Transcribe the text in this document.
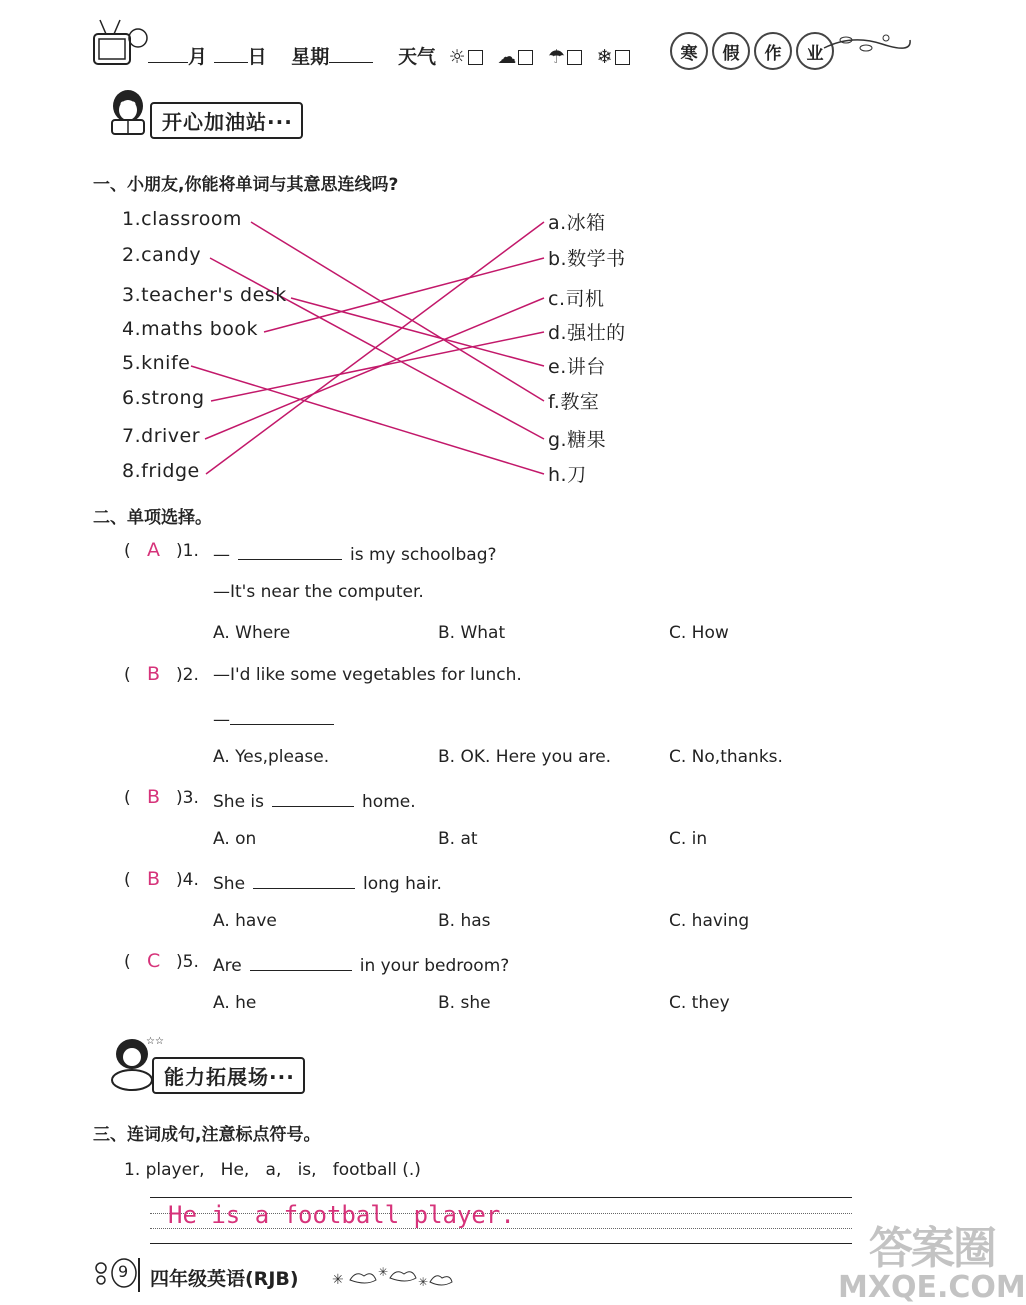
月 日 星期	天气 ☼ ☁ ☂ ❄	寒	假	作	业
开心加油站···
一、小朋友,你能将单词与其意思连线吗?
1.classroom
2.candy
3.teacher's desk
4.maths book
5.knife
6.strong
7.driver
8.fridge
a.冰箱
b.数学书
c.司机
d.强壮的
e.讲台
f.教室
g.糖果
h.刀
二、单项选择。
( A )1. —	is my schoolbag?
—It's near the computer.
A. Where	B. What	C. How
( B )2. —I'd like some vegetables for lunch.
—
A. Yes,please.	B. OK. Here you are.	C. No,thanks.
( B )3. She is	home.
A. on	B. at	C. in
( B )4. She	long hair.
A. have	B. has	C. having
( C )5. Are	in your bedroom?
A. he	B. she	C. they
☆☆
能力拓展场···
三、连词成句,注意标点符号。
1. player,   He,   a,   is,   football (.)
He is a football player.
9 四年级英语(RJB) ✳	✳
✳
答案圈
MXQE.COM
